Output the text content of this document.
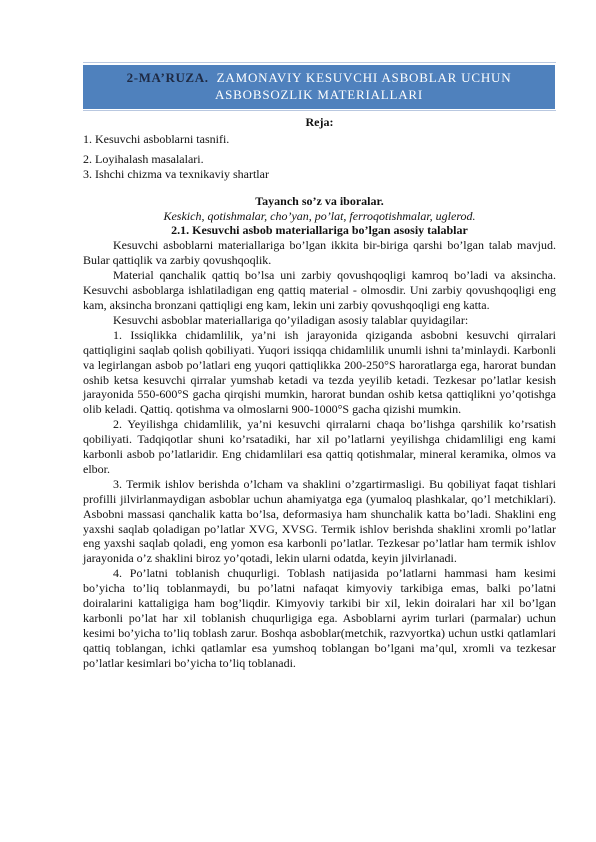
2-MA’RUZA. ZAMONAVIY KESUVCHI ASBOBLAR UCHUN
ASBOBSOZLIK MATERIALLARI

Reja:

1. Kesuvchi asboblarni tasnifi.

2. Loyihalash masalalari.

3. Ishchi chizma va texnikaviy shartlar

Tayanch so’z va iboralar.

Keskich, qotishmalar, cho’yan, po’lat, ferroqotishmalar, uglerod.

2.1. Kesuvchi asbob materiallariga bo’lgan asosiy talablar

Kesuvchi asboblarni materiallariga bo’lgan ikkita bir-biriga qarshi bo’lgan talab mavjud. Bular qattiqlik va zarbiy qovushqoqlik.

Material qanchalik qattiq bo’lsa uni zarbiy qovushqoqligi kamroq bo’ladi va aksincha. Kesuvchi asboblarga ishlatiladigan eng qattiq material - olmosdir. Uni zarbiy qovushqoqligi eng kam, aksincha bronzani qattiqligi eng kam, lekin uni zarbiy qovushqoqligi eng katta.

Kesuvchi asboblar materiallariga qo’yiladigan asosiy talablar quyidagilar:

1. Issiqlikka chidamlilik, ya’ni ish jarayonida qiziganda asbobni kesuvchi qirralari qattiqligini saqlab qolish qobiliyati. Yuqori issiqqa chidamlilik unumli ishni ta’minlaydi. Karbonli va legirlangan asbob po’latlari eng yuqori qattiqlikka 200-250°S haroratlarga ega, harorat bundan oshib ketsa kesuvchi qirralar yumshab ketadi va tezda yeyilib ketadi. Tezkesar po’latlar kesish jarayonida 550-600°S gacha qirqishi mumkin, harorat bundan oshib ketsa qattiqlikni yo’qotishga olib keladi. Qattiq. qotishma va olmoslarni 900-1000°S gacha qizishi mumkin.

2. Yeyilishga chidamlilik, ya’ni kesuvchi qirralarni chaqa bo’lishga qarshilik ko’rsatish qobiliyati. Tadqiqotlar shuni ko’rsatadiki, har xil po’latlarni yeyilishga chidamliligi eng kami karbonli asbob po’latlaridir. Eng chidamlilari esa qattiq qotishmalar, mineral keramika, olmos va elbor.

3. Termik ishlov berishda o’lcham va shaklini o’zgartirmasligi. Bu qobiliyat faqat tishlari profilli jilvirlanmaydigan asboblar uchun ahamiyatga ega (yumaloq plashkalar, qo’l metchiklari). Asbobni massasi qanchalik katta bo’lsa, deformasiya ham shunchalik katta bo’ladi. Shaklini eng yaxshi saqlab qoladigan po’latlar XVG, XVSG. Termik ishlov berishda shaklini xromli po’latlar eng yaxshi saqlab qoladi, eng yomon esa karbonli po’latlar. Tezkesar po’latlar ham termik ishlov jarayonida o’z shaklini biroz yo’qotadi, lekin ularni odatda, keyin jilvirlanadi.

4. Po’latni toblanish chuqurligi. Toblash natijasida po’latlarni hammasi ham kesimi bo’yicha to’liq toblanmaydi, bu po’latni nafaqat kimyoviy tarkibiga emas, balki po’latni doiralarini kattaligiga ham bog’liqdir. Kimyoviy tarkibi bir xil, lekin doiralari har xil bo’lgan karbonli po’lat har xil toblanish chuqurligiga ega. Asboblarni ayrim turlari (parmalar) uchun kesimi bo’yicha to’liq toblash zarur. Boshqa asboblar(metchik, razvyortka) uchun ustki qatlamlari qattiq toblangan, ichki qatlamlar esa yumshoq toblangan bo’lgani ma’qul, xromli va tezkesar po’latlar kesimlari bo’yicha to’liq toblanadi.
